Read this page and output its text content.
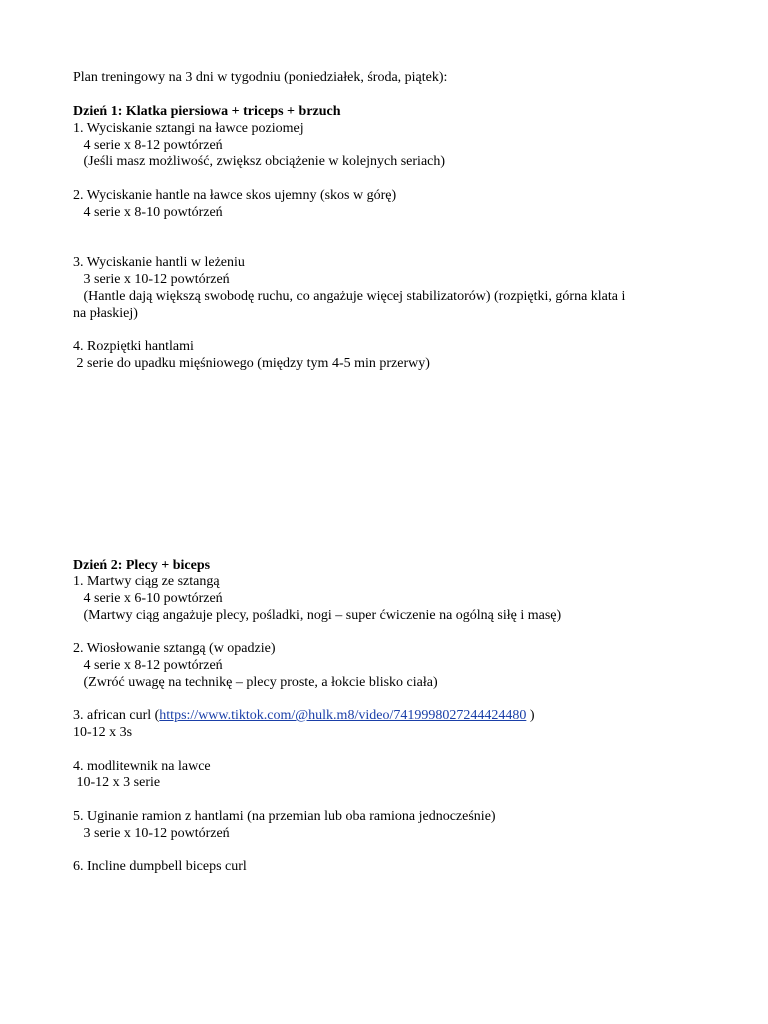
Plan treningowy na 3 dni w tygodniu (poniedziałek, środa, piątek):
Dzień 1: Klatka piersiowa + triceps + brzuch
1. Wyciskanie sztangi na ławce poziomej
4 serie x 8-12 powtórzeń
(Jeśli masz możliwość, zwiększ obciążenie w kolejnych seriach)
2. Wyciskanie hantle na ławce skos ujemny (skos w górę)
4 serie x 8-10 powtórzeń
3. Wyciskanie hantli w leżeniu
3 serie x 10-12 powtórzeń
(Hantle dają większą swobodę ruchu, co angażuje więcej stabilizatorów) (rozpiętki, górna klata i
na płaskiej)
4. Rozpiętki hantlami
2 serie do upadku mięśniowego (między tym 4-5 min przerwy)
Dzień 2: Plecy + biceps
1. Martwy ciąg ze sztangą
4 serie x 6-10 powtórzeń
(Martwy ciąg angażuje plecy, pośladki, nogi – super ćwiczenie na ogólną siłę i masę)
2. Wiosłowanie sztangą (w opadzie)
4 serie x 8-12 powtórzeń
(Zwróć uwagę na technikę – plecy proste, a łokcie blisko ciała)
3. african curl (https://www.tiktok.com/@hulk.m8/video/7419998027244424480 )
10-12 x 3s
4. modlitewnik na lawce
10-12 x 3 serie
5. Uginanie ramion z hantlami (na przemian lub oba ramiona jednocześnie)
3 serie x 10-12 powtórzeń
6. Incline dumpbell biceps curl
